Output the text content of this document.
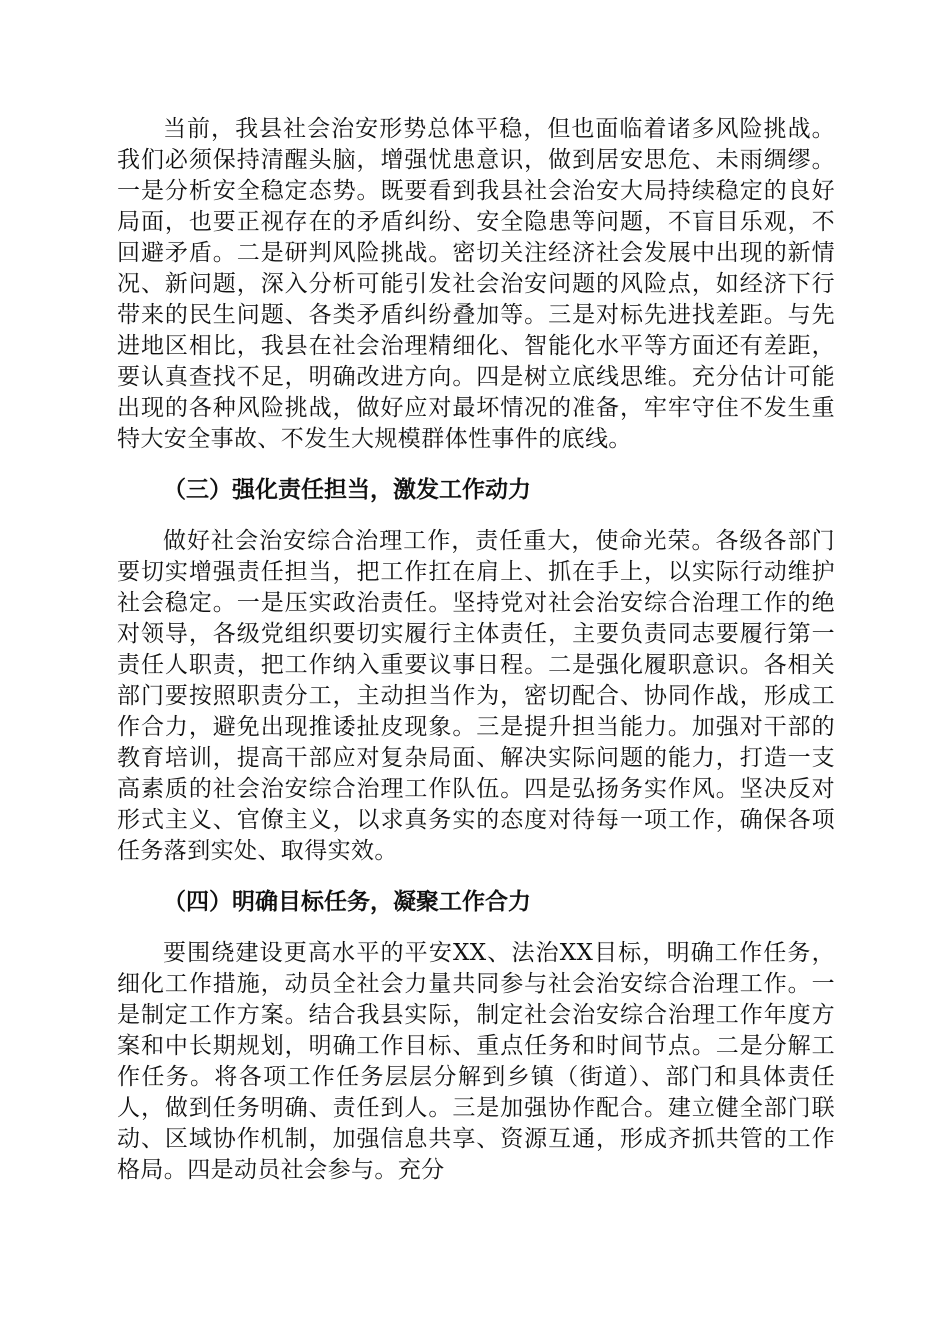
当前，我县社会治安形势总体平稳，但也面临着诸多风险挑战。我们必须保持清醒头脑，增强忧患意识，做到居安思危、未雨绸缪。一是分析安全稳定态势。既要看到我县社会治安大局持续稳定的良好局面，也要正视存在的矛盾纠纷、安全隐患等问题，不盲目乐观，不回避矛盾。二是研判风险挑战。密切关注经济社会发展中出现的新情况、新问题，深入分析可能引发社会治安问题的风险点，如经济下行带来的民生问题、各类矛盾纠纷叠加等。三是对标先进找差距。与先进地区相比，我县在社会治理精细化、智能化水平等方面还有差距，要认真查找不足，明确改进方向。四是树立底线思维。充分估计可能出现的各种风险挑战，做好应对最坏情况的准备，牢牢守住不发生重特大安全事故、不发生大规模群体性事件的底线。

（三）强化责任担当，激发工作动力

做好社会治安综合治理工作，责任重大，使命光荣。各级各部门要切实增强责任担当，把工作扛在肩上、抓在手上，以实际行动维护社会稳定。一是压实政治责任。坚持党对社会治安综合治理工作的绝对领导，各级党组织要切实履行主体责任，主要负责同志要履行第一责任人职责，把工作纳入重要议事日程。二是强化履职意识。各相关部门要按照职责分工，主动担当作为，密切配合、协同作战，形成工作合力，避免出现推诿扯皮现象。三是提升担当能力。加强对干部的教育培训，提高干部应对复杂局面、解决实际问题的能力，打造一支高素质的社会治安综合治理工作队伍。四是弘扬务实作风。坚决反对形式主义、官僚主义，以求真务实的态度对待每一项工作，确保各项任务落到实处、取得实效。

（四）明确目标任务，凝聚工作合力

要围绕建设更高水平的平安XX、法治XX目标，明确工作任务，细化工作措施，动员全社会力量共同参与社会治安综合治理工作。一是制定工作方案。结合我县实际，制定社会治安综合治理工作年度方案和中长期规划，明确工作目标、重点任务和时间节点。二是分解工作任务。将各项工作任务层层分解到乡镇（街道）、部门和具体责任人，做到任务明确、责任到人。三是加强协作配合。建立健全部门联动、区域协作机制，加强信息共享、资源互通，形成齐抓共管的工作格局。四是动员社会参与。充分
